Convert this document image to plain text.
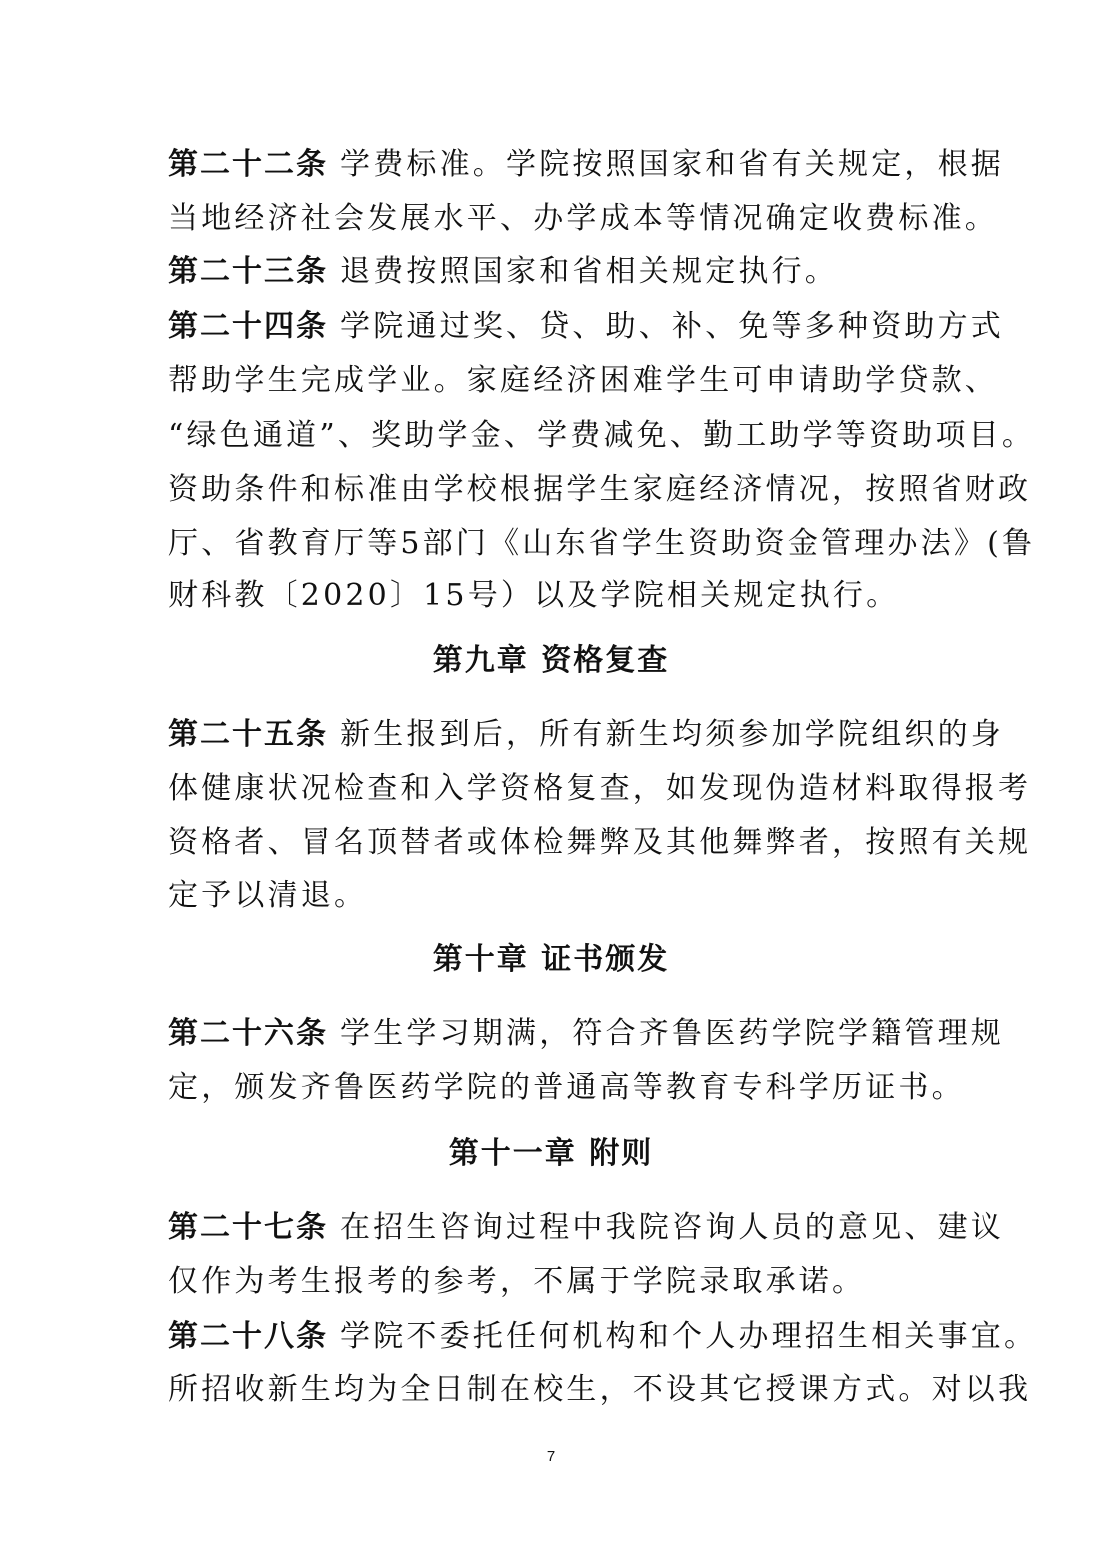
第二十二条 学费标准。学院按照国家和省有关规定，根据
当地经济社会发展水平、办学成本等情况确定收费标准。
第二十三条 退费按照国家和省相关规定执行。
第二十四条 学院通过奖、贷、助、补、免等多种资助方式
帮助学生完成学业。家庭经济困难学生可申请助学贷款、
“绿色通道”、奖助学金、学费减免、勤工助学等资助项目。
资助条件和标准由学校根据学生家庭经济情况，按照省财政
厅、省教育厅等5部门《山东省学生资助资金管理办法》(鲁
财科教〔2020〕15号）以及学院相关规定执行。
第九章 资格复查
第二十五条 新生报到后，所有新生均须参加学院组织的身
体健康状况检查和入学资格复查，如发现伪造材料取得报考
资格者、冒名顶替者或体检舞弊及其他舞弊者，按照有关规
定予以清退。
第十章 证书颁发
第二十六条 学生学习期满，符合齐鲁医药学院学籍管理规
定，颁发齐鲁医药学院的普通高等教育专科学历证书。
第十一章 附则
第二十七条 在招生咨询过程中我院咨询人员的意见、建议
仅作为考生报考的参考，不属于学院录取承诺。
第二十八条 学院不委托任何机构和个人办理招生相关事宜。
所招收新生均为全日制在校生，不设其它授课方式。对以我
7
